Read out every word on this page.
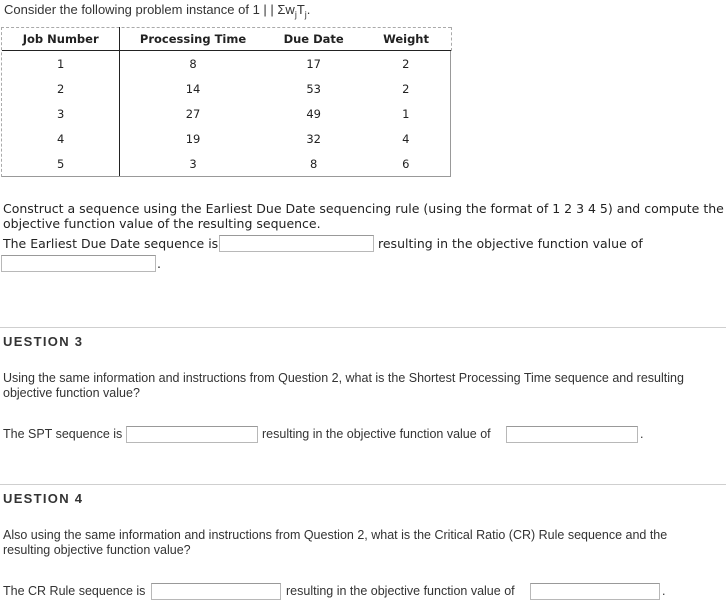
Consider the following problem instance of 1 | | $\Sigma w_jT_j$.
Job Number	Processing Time	Due Date	Weight
1	8	17	2
2	14	53	2
3	27	49	1
4	19	32	4
5	3	8	6
Construct a sequence using the Earliest Due Date sequencing rule (using the format of 1 2 3 4 5) and compute the
objective function value of the resulting sequence.
The Earliest Due Date sequence is	resulting in the objective function value of
.
UESTION 3
Using the same information and instructions from Question 2, what is the Shortest Processing Time sequence and resulting
objective function value?
The SPT sequence is	resulting in the objective function value of	.
UESTION 4
Also using the same information and instructions from Question 2, what is the Critical Ratio (CR) Rule sequence and the
resulting objective function value?
The CR Rule sequence is	resulting in the objective function value of	.
